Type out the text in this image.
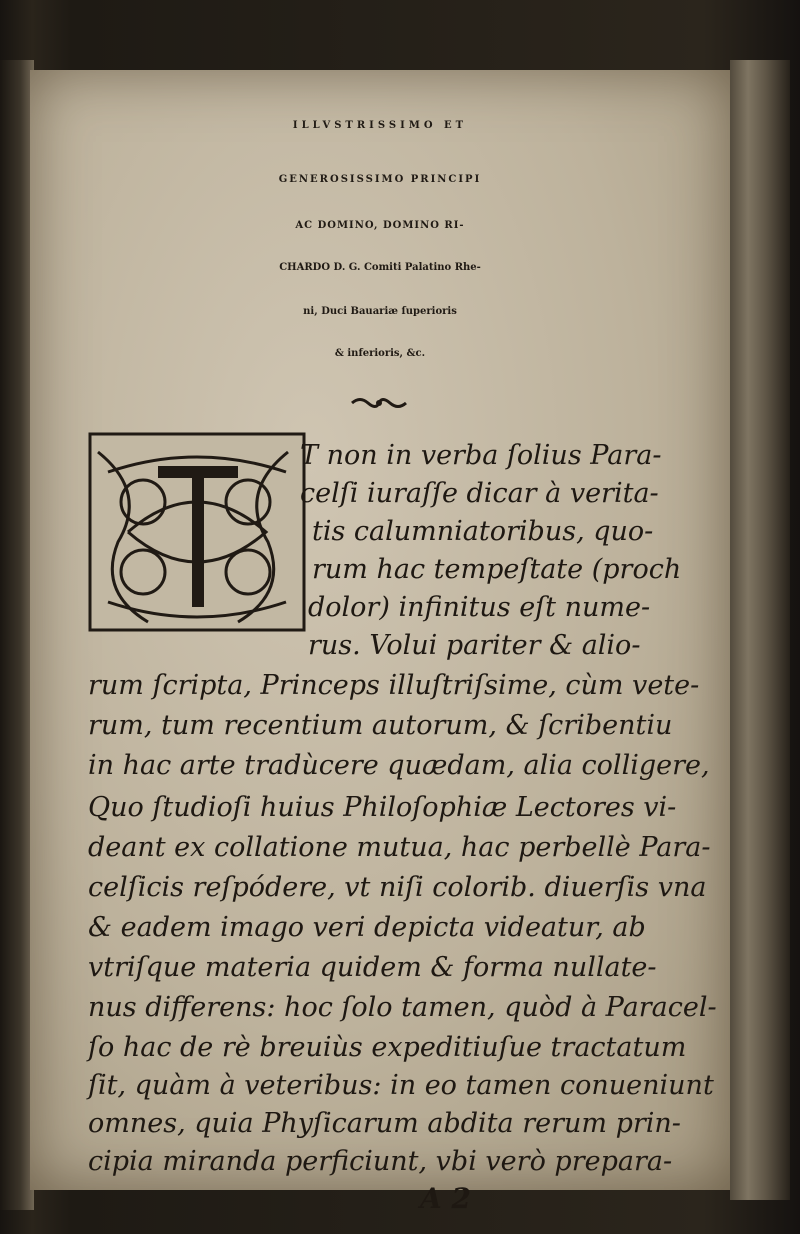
ILLVSTRISSIMO ET
GENEROSISSIMO PRINCIPI
AC DOMINO, DOMINO RI-
CHARDO D. G. Comiti Palatino Rhe-
ni, Duci Bauariæ ſuperioris
& inferioris, &c.
T non in verba ſolius Para-
celſi iuraſſe dicar à verita-
tis calumniatoribus, quo-
rum hac tempeſtate (proch
dolor) infinitus eſt nume-
rus. Volui pariter & alio-
rum ſcripta, Princeps illuſtriſsime, cùm vete-
rum, tum recentium autorum, & ſcribentiu
in hac arte tradùcere quædam, alia colligere,
Quo ſtudioſi huius Philoſophiæ Lectores vi-
deant ex collatione mutua, hac perbellè Para-
celſicis reſpódere, vt niſi colorib. diuerſis vna
& eadem imago veri depicta videatur, ab
vtriſque materia quidem & forma nullate-
nus differens: hoc ſolo tamen, quòd à Paracel-
ſo hac de rè breuiùs expeditiuſue tractatum
ſit, quàm à veteribus: in eo tamen conueniunt
omnes, quia Phyſicarum abdita rerum prin-
cipia miranda perficiunt, vbi verò prepara-
A 2
